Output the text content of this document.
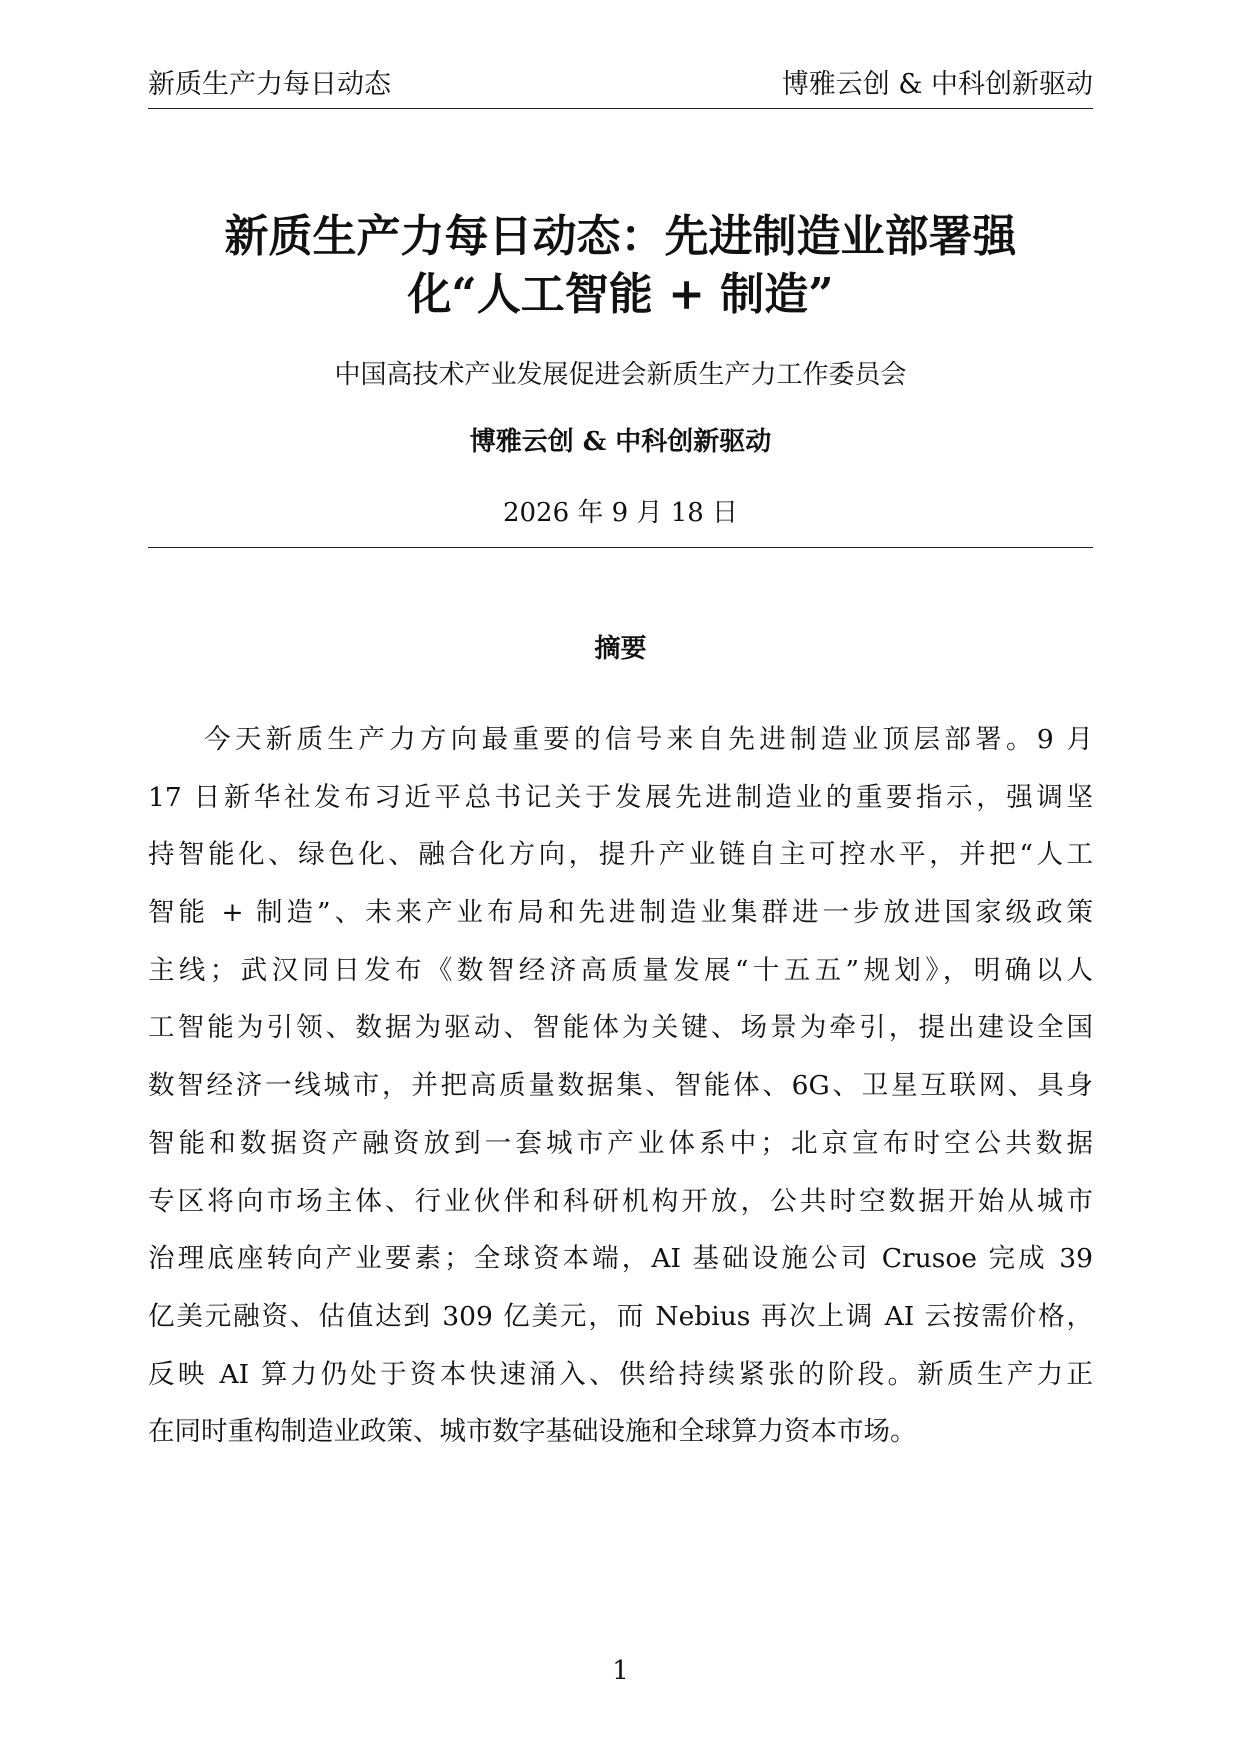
新质生产力每日动态	博雅云创 & 中科创新驱动
新质生产力每日动态：先进制造业部署强
化“人工智能 + 制造”
中国高技术产业发展促进会新质生产力工作委员会
博雅云创 & 中科创新驱动
2026 年 9 月 18 日
摘要
今天新质生产力方向最重要的信号来自先进制造业顶层部署。9 月
17 日新华社发布习近平总书记关于发展先进制造业的重要指示，强调坚
持智能化、绿色化、融合化方向，提升产业链自主可控水平，并把“人工
智能 + 制造”、未来产业布局和先进制造业集群进一步放进国家级政策
主线；武汉同日发布《数智经济高质量发展“十五五”规划》，明确以人
工智能为引领、数据为驱动、智能体为关键、场景为牵引，提出建设全国
数智经济一线城市，并把高质量数据集、智能体、6G、卫星互联网、具身
智能和数据资产融资放到一套城市产业体系中；北京宣布时空公共数据
专区将向市场主体、行业伙伴和科研机构开放，公共时空数据开始从城市
治理底座转向产业要素；全球资本端，AI 基础设施公司 Crusoe 完成 39
亿美元融资、估值达到 309 亿美元，而 Nebius 再次上调 AI 云按需价格，
反映 AI 算力仍处于资本快速涌入、供给持续紧张的阶段。新质生产力正
在同时重构制造业政策、城市数字基础设施和全球算力资本市场。
1
